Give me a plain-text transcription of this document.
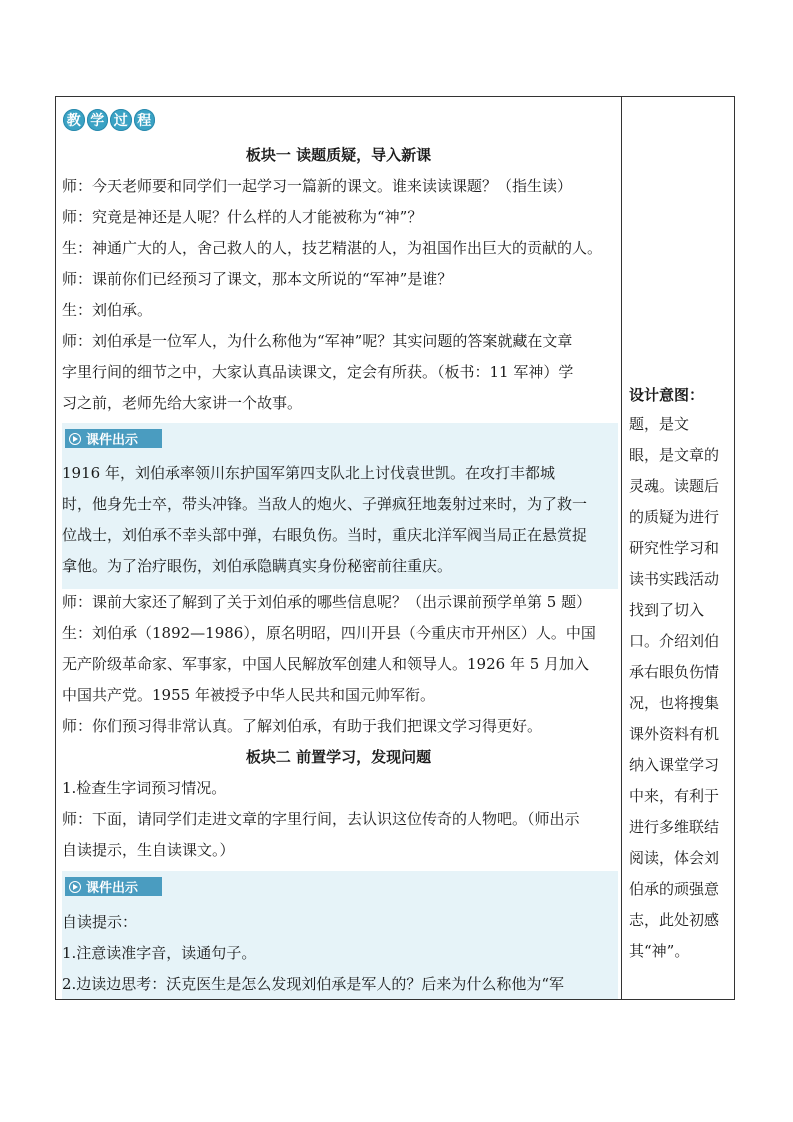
教 学 过 程
板块一 读题质疑，导入新课
师：今天老师要和同学们一起学习一篇新的课文。谁来读读课题？（指生读）
师：究竟是神还是人呢？什么样的人才能被称为“神”？
生：神通广大的人，舍己救人的人，技艺精湛的人，为祖国作出巨大的贡献的人。
师：课前你们已经预习了课文，那本文所说的“军神”是谁？
生：刘伯承。
师：刘伯承是一位军人，为什么称他为“军神”呢？其实问题的答案就藏在文章
字里行间的细节之中，大家认真品读课文，定会有所获。（板书：11 军神）学
习之前，老师先给大家讲一个故事。
课件出示
1916 年，刘伯承率领川东护国军第四支队北上讨伐袁世凯。在攻打丰都城
时，他身先士卒，带头冲锋。当敌人的炮火、子弹疯狂地轰射过来时，为了救一
位战士，刘伯承不幸头部中弹，右眼负伤。当时，重庆北洋军阀当局正在悬赏捉
拿他。为了治疗眼伤，刘伯承隐瞒真实身份秘密前往重庆。
师：课前大家还了解到了关于刘伯承的哪些信息呢？（出示课前预学单第 5 题）
生：刘伯承（1892—1986），原名明昭，四川开县（今重庆市开州区）人。中国
无产阶级革命家、军事家，中国人民解放军创建人和领导人。1926 年 5 月加入
中国共产党。1955 年被授予中华人民共和国元帅军衔。
师：你们预习得非常认真。了解刘伯承，有助于我们把课文学习得更好。
板块二 前置学习，发现问题
1.检查生字词预习情况。
师：下面，请同学们走进文章的字里行间，去认识这位传奇的人物吧。（师出示
自读提示，生自读课文。）
课件出示
自读提示：
1.注意读准字音，读通句子。
2.边读边思考：沃克医生是怎么发现刘伯承是军人的？后来为什么称他为“军
设计意图：
题，是文
眼，是文章的
灵魂。读题后
的质疑为进行
研究性学习和
读书实践活动
找到了切入
口。介绍刘伯
承右眼负伤情
况，也将搜集
课外资料有机
纳入课堂学习
中来，有利于
进行多维联结
阅读，体会刘
伯承的顽强意
志，此处初感
其“神”。
